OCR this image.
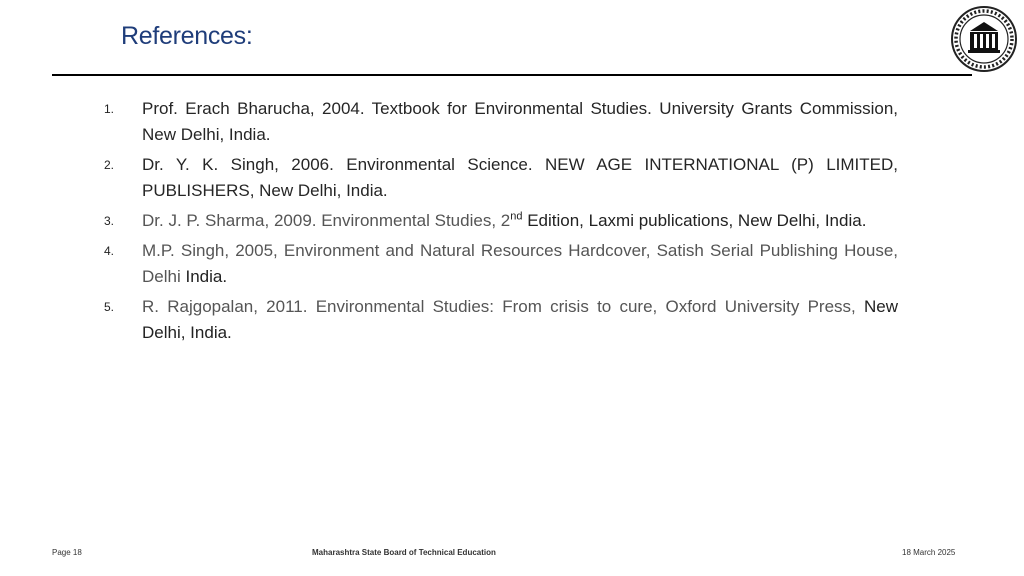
References:
1. Prof. Erach Bharucha, 2004. Textbook for Environmental Studies. University Grants Commission, New Delhi, India.
2. Dr. Y. K. Singh, 2006. Environmental Science. NEW AGE INTERNATIONAL (P) LIMITED, PUBLISHERS, New Delhi, India.
3. Dr. J. P. Sharma, 2009. Environmental Studies, 2nd Edition, Laxmi publications, New Delhi, India.
4. M.P. Singh, 2005, Environment and Natural Resources Hardcover, Satish Serial Publishing House, Delhi India.
5. R. Rajgopalan, 2011. Environmental Studies: From crisis to cure, Oxford University Press, New Delhi, India.
Page 18	Maharashtra State Board of Technical Education	18 March 2025
